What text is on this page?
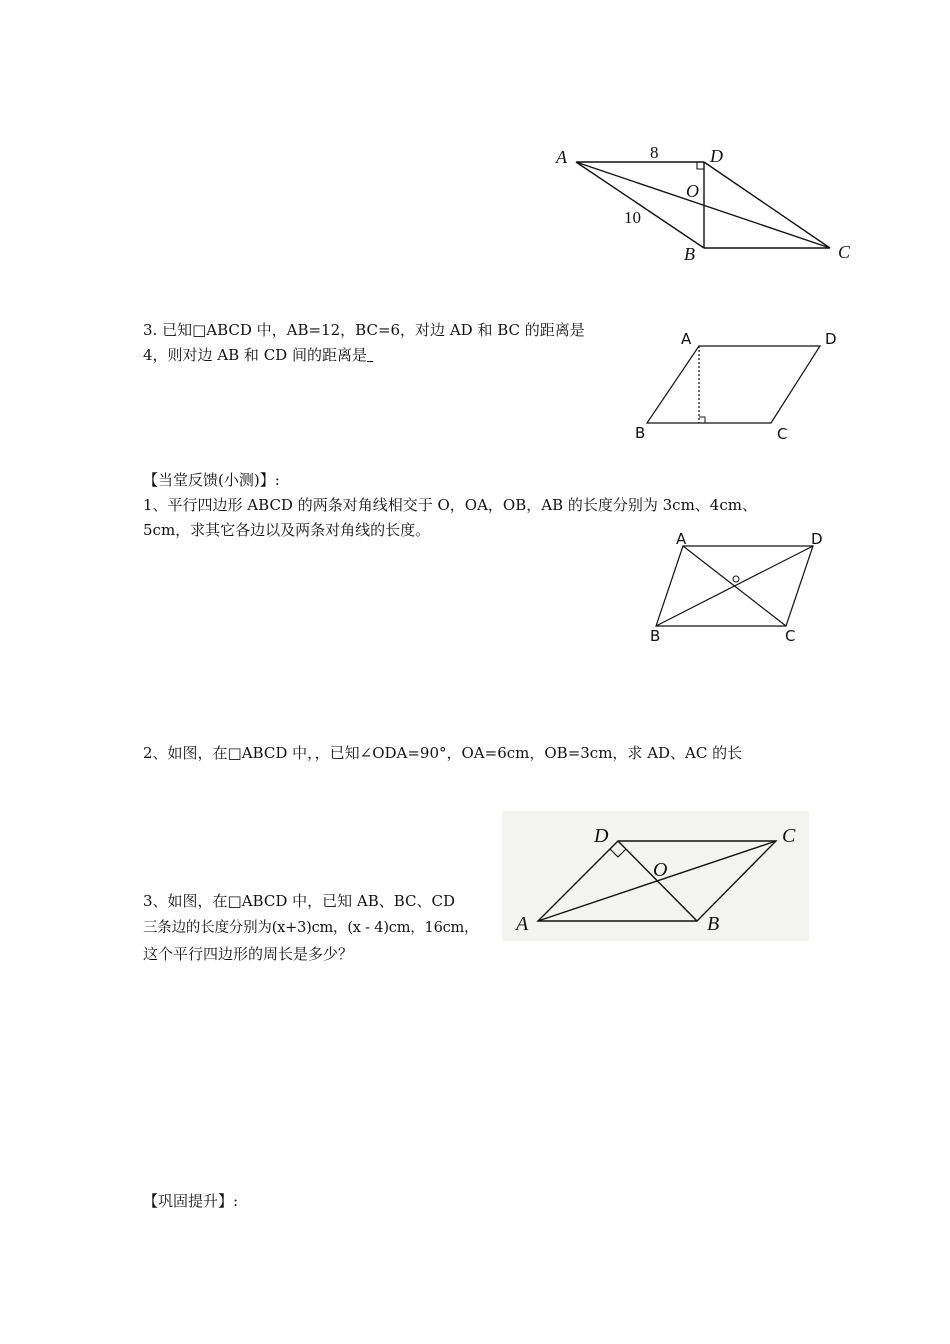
A	D
O
B	C
8
10
3. 已知□ABCD 中，AB=12，BC=6，对边 AD 和 BC 的距离是
4，则对边 AB 和 CD 间的距离是
A	D
B	C
【当堂反馈(小测)】:
1、平行四边形 ABCD 的两条对角线相交于 O，OA，OB，AB 的长度分别为 3cm、4cm、
5cm，求其它各边以及两条对角线的长度。	A	D
B	C
2、如图，在□ABCD 中，，已知∠ODA=90°，OA=6cm，OB=3cm，求 AD、AC 的长
D	C
O
A	B
3、如图，在□ABCD 中，已知 AB、BC、CD
三条边的长度分别为(x+3)cm，(x - 4)cm，16cm，
这个平行四边形的周长是多少？
【巩固提升】:
